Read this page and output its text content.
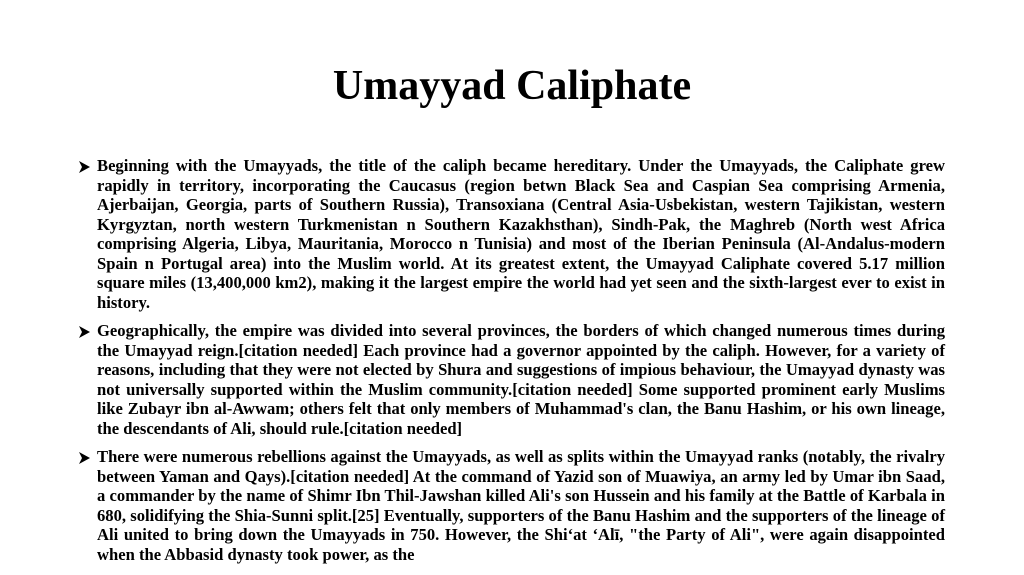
Umayyad Caliphate

Beginning with the Umayyads, the title of the caliph became hereditary. Under the Umayyads, the Caliphate grew rapidly in territory, incorporating the Caucasus (region betwn Black Sea and Caspian Sea comprising Armenia, Ajerbaijan, Georgia, parts of Southern Russia), Transoxiana (Central Asia-Usbekistan, western Tajikistan, western Kyrgyztan, north western Turkmenistan n Southern Kazakhsthan), Sindh-Pak, the Maghreb (North west Africa comprising Algeria, Libya, Mauritania, Morocco n Tunisia) and most of the Iberian Peninsula (Al-Andalus-modern Spain n Portugal area) into the Muslim world. At its greatest extent, the Umayyad Caliphate covered 5.17 million square miles (13,400,000 km2), making it the largest empire the world had yet seen and the sixth-largest ever to exist in history.

Geographically, the empire was divided into several provinces, the borders of which changed numerous times during the Umayyad reign.[citation needed] Each province had a governor appointed by the caliph. However, for a variety of reasons, including that they were not elected by Shura and suggestions of impious behaviour, the Umayyad dynasty was not universally supported within the Muslim community.[citation needed] Some supported prominent early Muslims like Zubayr ibn al-Awwam; others felt that only members of Muhammad's clan, the Banu Hashim, or his own lineage, the descendants of Ali, should rule.[citation needed]

There were numerous rebellions against the Umayyads, as well as splits within the Umayyad ranks (notably, the rivalry between Yaman and Qays).[citation needed] At the command of Yazid son of Muawiya, an army led by Umar ibn Saad, a commander by the name of Shimr Ibn Thil-Jawshan killed Ali's son Hussein and his family at the Battle of Karbala in 680, solidifying the Shia-Sunni split.[25] Eventually, supporters of the Banu Hashim and the supporters of the lineage of Ali united to bring down the Umayyads in 750. However, the Shi‘at ‘Alī, "the Party of Ali", were again disappointed when the Abbasid dynasty took power, as the
